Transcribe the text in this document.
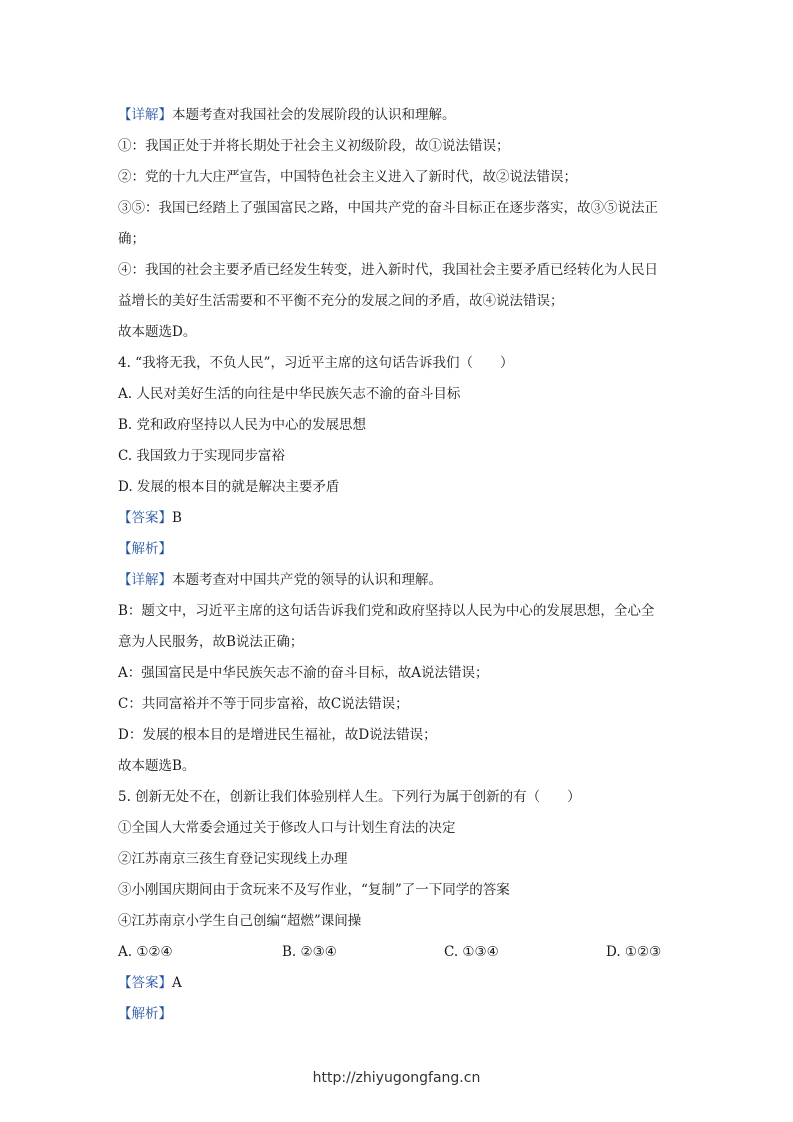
【详解】本题考查对我国社会的发展阶段的认识和理解。
①：我国正处于并将长期处于社会主义初级阶段，故①说法错误；
②：党的十九大庄严宣告，中国特色社会主义进入了新时代，故②说法错误；
③⑤：我国已经踏上了强国富民之路，中国共产党的奋斗目标正在逐步落实，故③⑤说法正
确；
④：我国的社会主要矛盾已经发生转变，进入新时代，我国社会主要矛盾已经转化为人民日
益增长的美好生活需要和不平衡不充分的发展之间的矛盾，故④说法错误；
故本题选D。
4. “我将无我，不负人民”，习近平主席的这句话告诉我们（　　）
A. 人民对美好生活的向往是中华民族矢志不渝的奋斗目标
B. 党和政府坚持以人民为中心的发展思想
C. 我国致力于实现同步富裕
D. 发展的根本目的就是解决主要矛盾
【答案】B
【解析】
【详解】本题考查对中国共产党的领导的认识和理解。
B：题文中，习近平主席的这句话告诉我们党和政府坚持以人民为中心的发展思想，全心全
意为人民服务，故B说法正确；
A：强国富民是中华民族矢志不渝的奋斗目标，故A说法错误；
C：共同富裕并不等于同步富裕，故C说法错误；
D：发展的根本目的是增进民生福祉，故D说法错误；
故本题选B。
5. 创新无处不在，创新让我们体验别样人生。下列行为属于创新的有（　　）
①全国人大常委会通过关于修改人口与计划生育法的决定
②江苏南京三孩生育登记实现线上办理
③小刚国庆期间由于贪玩来不及写作业，“复制”了一下同学的答案
④江苏南京小学生自己创编“超燃”课间操
A. ①②④	B. ②③④	C. ①③④	D. ①②③
【答案】A
【解析】
http://zhiyugongfang.cn
